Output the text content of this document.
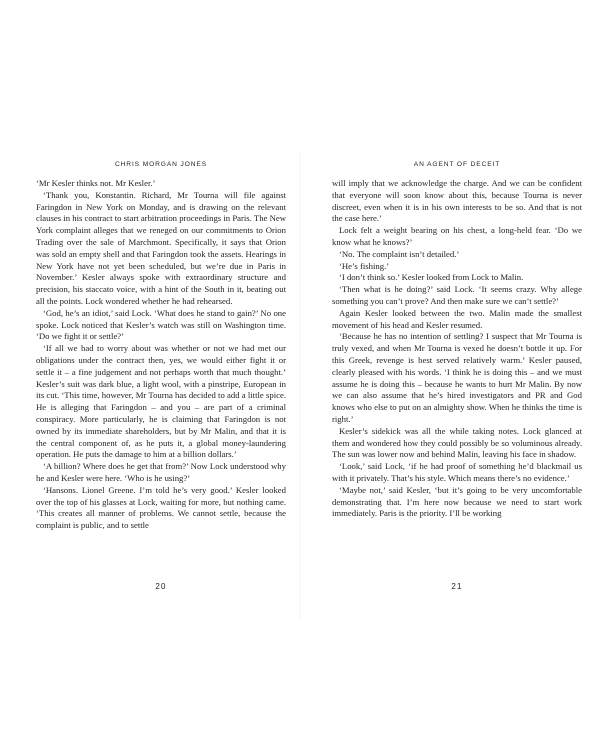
CHRIS MORGAN JONES

‘Mr Kesler thinks not. Mr Kesler.’

‘Thank you, Konstantin. Richard, Mr Tourna will file against Faringdon in New York on Monday, and is drawing on the relevant clauses in his contract to start arbitration proceedings in Paris. The New York complaint alleges that we reneged on our commitments to Orion Trading over the sale of Marchmont. Specifically, it says that Orion was sold an empty shell and that Faringdon took the assets. Hearings in New York have not yet been scheduled, but we’re due in Paris in November.’ Kesler always spoke with extraordinary structure and precision, his staccato voice, with a hint of the South in it, beating out all the points. Lock wondered whether he had rehearsed.

‘God, he’s an idiot,’ said Lock. ‘What does he stand to gain?’ No one spoke. Lock noticed that Kesler’s watch was still on Washington time. ‘Do we fight it or settle?’

‘If all we had to worry about was whether or not we had met our obligations under the contract then, yes, we would either fight it or settle it – a fine judgement and not perhaps worth that much thought.’ Kesler’s suit was dark blue, a light wool, with a pinstripe, European in its cut. ‘This time, however, Mr Tourna has decided to add a little spice. He is alleging that Faringdon – and you – are part of a criminal conspiracy. More particularly, he is claiming that Faringdon is not owned by its immediate shareholders, but by Mr Malin, and that it is the central component of, as he puts it, a global money-laundering operation. He puts the damage to him at a billion dollars.’

‘A billion? Where does he get that from?’ Now Lock understood why he and Kesler were here. ‘Who is he using?’

‘Hansons. Lionel Greene. I’m told he’s very good.’ Kesler looked over the top of his glasses at Lock, waiting for more, but nothing came. ‘This creates all manner of problems. We cannot settle, because the complaint is public, and to settle

20
AN AGENT OF DECEIT

will imply that we acknowledge the charge. And we can be confident that everyone will soon know about this, because Tourna is never discreet, even when it is in his own interests to be so. And that is not the case here.’

Lock felt a weight bearing on his chest, a long-held fear. ‘Do we know what he knows?’

‘No. The complaint isn’t detailed.’

‘He’s fishing.’

‘I don’t think so.’ Kesler looked from Lock to Malin.

‘Then what is he doing?’ said Lock. ‘It seems crazy. Why allege something you can’t prove? And then make sure we can’t settle?’

Again Kesler looked between the two. Malin made the smallest movement of his head and Kesler resumed.

‘Because he has no intention of settling? I suspect that Mr Tourna is truly vexed, and when Mr Tourna is vexed he doesn’t bottle it up. For this Greek, revenge is best served relatively warm.’ Kesler paused, clearly pleased with his words. ‘I think he is doing this – and we must assume he is doing this – because he wants to hurt Mr Malin. By now we can also assume that he’s hired investigators and PR and God knows who else to put on an almighty show. When he thinks the time is right.’

Kesler’s sidekick was all the while taking notes. Lock glanced at them and wondered how they could possibly be so voluminous already. The sun was lower now and behind Malin, leaving his face in shadow.

‘Look,’ said Lock, ‘if he had proof of something he’d blackmail us with it privately. That’s his style. Which means there’s no evidence.’

‘Maybe not,’ said Kesler, ‘but it’s going to be very uncomfortable demonstrating that. I’m here now because we need to start work immediately. Paris is the priority. I’ll be working

21
